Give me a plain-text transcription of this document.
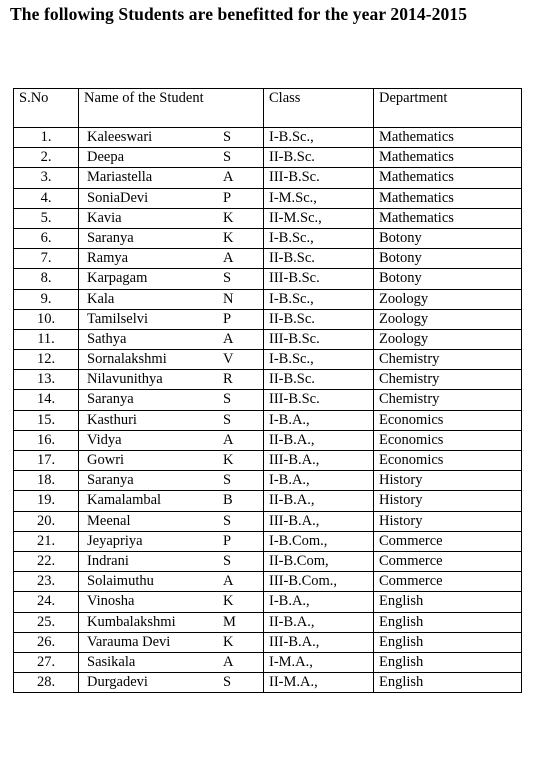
The following Students are benefitted for the year 2014-2015
S.No	Name of the Student	Class	Department
1.	Kaleeswari S	I-B.Sc.,	Mathematics
2.	Deepa S	II-B.Sc.	Mathematics
3.	Mariastella A	III-B.Sc.	Mathematics
4.	SoniaDevi P	I-M.Sc.,	Mathematics
5.	Kavia K	II-M.Sc.,	Mathematics
6.	Saranya K	I-B.Sc.,	Botony
7.	Ramya A	II-B.Sc.	Botony
8.	Karpagam S	III-B.Sc.	Botony
9.	Kala N	I-B.Sc.,	Zoology
10.	Tamilselvi P	II-B.Sc.	Zoology
11.	Sathya A	III-B.Sc.	Zoology
12.	Sornalakshmi V	I-B.Sc.,	Chemistry
13.	Nilavunithya R	II-B.Sc.	Chemistry
14.	Saranya S	III-B.Sc.	Chemistry
15.	Kasthuri S	I-B.A.,	Economics
16.	Vidya A	II-B.A.,	Economics
17.	Gowri K	III-B.A.,	Economics
18.	Saranya S	I-B.A.,	History
19.	Kamalambal B	II-B.A.,	History
20.	Meenal S	III-B.A.,	History
21.	Jeyapriya P	I-B.Com.,	Commerce
22.	Indrani S	II-B.Com,	Commerce
23.	Solaimuthu A	III-B.Com.,	Commerce
24.	Vinosha K	I-B.A.,	English
25.	Kumbalakshmi M	II-B.A.,	English
26.	Varauma Devi K	III-B.A.,	English
27.	Sasikala A	I-M.A.,	English
28.	Durgadevi S	II-M.A.,	English
